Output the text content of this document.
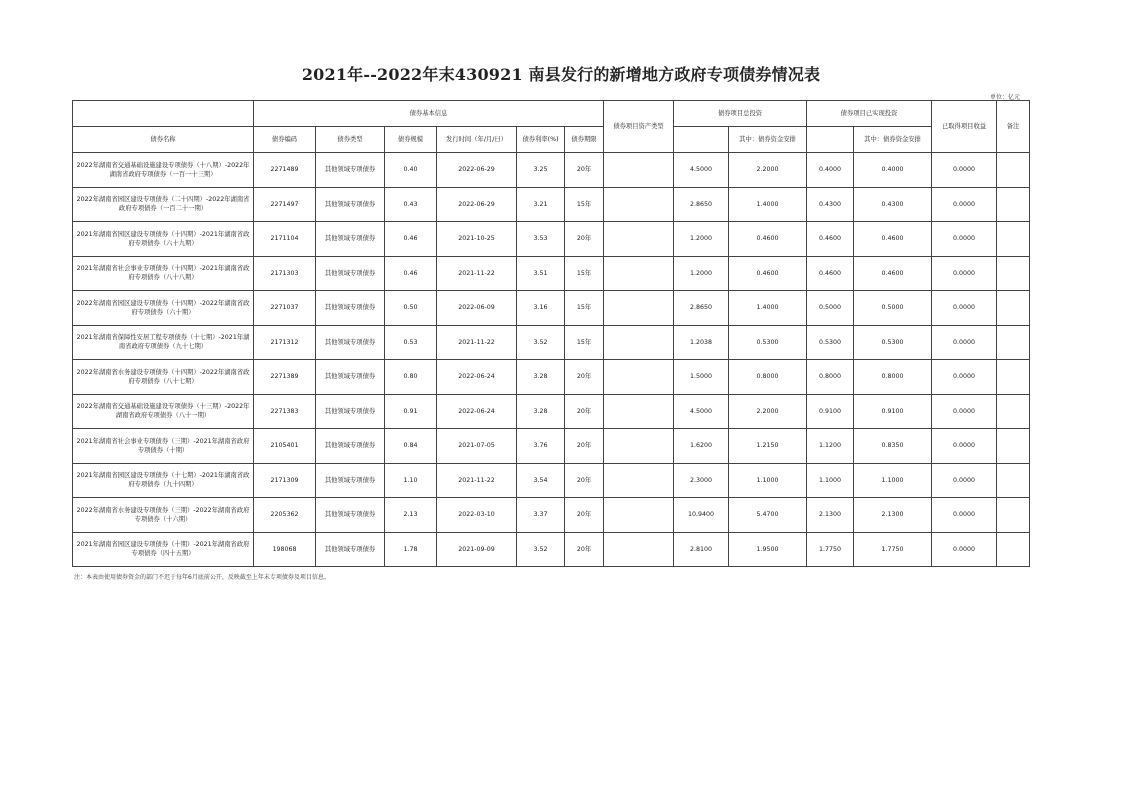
2021年--2022年末430921 南县发行的新增地方政府专项债券情况表
单位：亿元
	债券基本信息						债券项目资产类型	债券项目总投资		债券项目已实现投资		已取得项目收益	备注
债券名称	债券编码	债券类型	债券规模	发行时间（年/月/日）	债券利率(%)	债券期限			其中：债券资金安排		其中：债券资金安排		
2022年湖南省交通基础设施建设专项债券（十八期）-2022年湖南省政府专项债券（一百一十三期）	2271489	其他领域专项债券	0.40	2022-06-29	3.25	20年		4.5000	2.2000	0.4000	0.4000	0.0000	
2022年湖南省园区建设专项债券（二十四期）-2022年湖南省政府专项债券（一百二十一期）	2271497	其他领域专项债券	0.43	2022-06-29	3.21	15年		2.8650	1.4000	0.4300	0.4300	0.0000	
2021年湖南省园区建设专项债券（十四期）-2021年湖南省政府专项债券（六十九期）	2171104	其他领域专项债券	0.46	2021-10-25	3.53	20年		1.2000	0.4600	0.4600	0.4600	0.0000	
2021年湖南省社会事业专项债券（十四期）-2021年湖南省政府专项债券（八十八期）	2171303	其他领域专项债券	0.46	2021-11-22	3.51	15年		1.2000	0.4600	0.4600	0.4600	0.0000	
2022年湖南省园区建设专项债券（十四期）-2022年湖南省政府专项债券（六十期）	2271037	其他领域专项债券	0.50	2022-06-09	3.16	15年		2.8650	1.4000	0.5000	0.5000	0.0000	
2021年湖南省保障性安居工程专项债券（十七期）-2021年湖南省政府专项债券（九十七期）	2171312	其他领域专项债券	0.53	2021-11-22	3.52	15年		1.2038	0.5300	0.5300	0.5300	0.0000	
2022年湖南省水务建设专项债券（十四期）-2022年湖南省政府专项债券（八十七期）	2271389	其他领域专项债券	0.80	2022-06-24	3.28	20年		1.5000	0.8000	0.8000	0.8000	0.0000	
2022年湖南省交通基础设施建设专项债券（十三期）-2022年湖南省政府专项债券（八十一期）	2271383	其他领域专项债券	0.91	2022-06-24	3.28	20年		4.5000	2.2000	0.9100	0.9100	0.0000	
2021年湖南省社会事业专项债券（三期）-2021年湖南省政府专项债券（十期）	2105401	其他领域专项债券	0.84	2021-07-05	3.76	20年		1.6200	1.2150	1.1200	0.8350	0.0000	
2021年湖南省园区建设专项债券（十七期）-2021年湖南省政府专项债券（九十四期）	2171309	其他领域专项债券	1.10	2021-11-22	3.54	20年		2.3000	1.1000	1.1000	1.1000	0.0000	
2022年湖南省水务建设专项债券（三期）-2022年湖南省政府专项债券（十六期）	2205362	其他领域专项债券	2.13	2022-03-10	3.37	20年		10.9400	5.4700	2.1300	2.1300	0.0000	
2021年湖南省园区建设专项债券（十期）-2021年湖南省政府专项债券（四十五期）	198068	其他领域专项债券	1.78	2021-09-09	3.52	20年		2.8100	1.9500	1.7750	1.7750	0.0000	
注：本表由使用债券资金的部门不迟于每年6月底前公开，反映截至上年末专项债券及项目信息。
